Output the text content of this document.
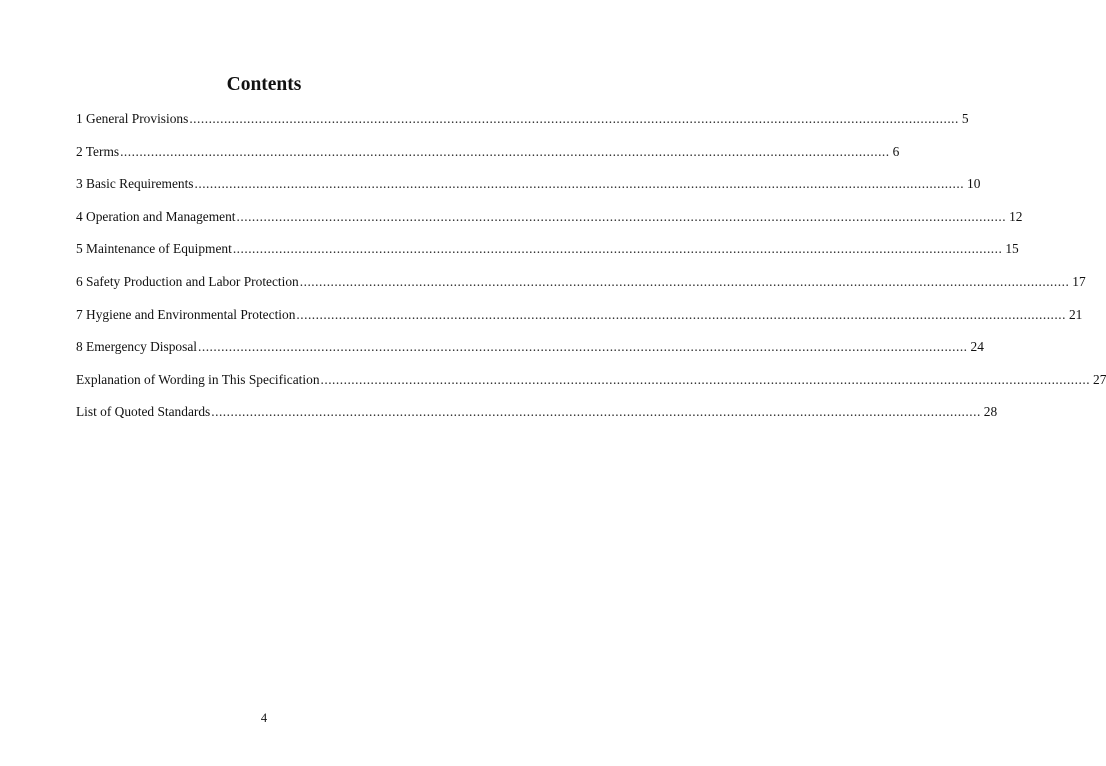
Contents
1 General Provisions ........................................................................................................................................................................................................ 5
2 Terms ........................................................................................................................................................................................................ 6
3 Basic Requirements ........................................................................................................................................................................................................ 10
4 Operation and Management ........................................................................................................................................................................................................ 12
5 Maintenance of Equipment ........................................................................................................................................................................................................ 15
6 Safety Production and Labor Protection ........................................................................................................................................................................................................ 17
7 Hygiene and Environmental Protection ........................................................................................................................................................................................................ 21
8 Emergency Disposal ........................................................................................................................................................................................................ 24
Explanation of Wording in This Specification ........................................................................................................................................................................................................ 27
List of Quoted Standards ........................................................................................................................................................................................................ 28
4
